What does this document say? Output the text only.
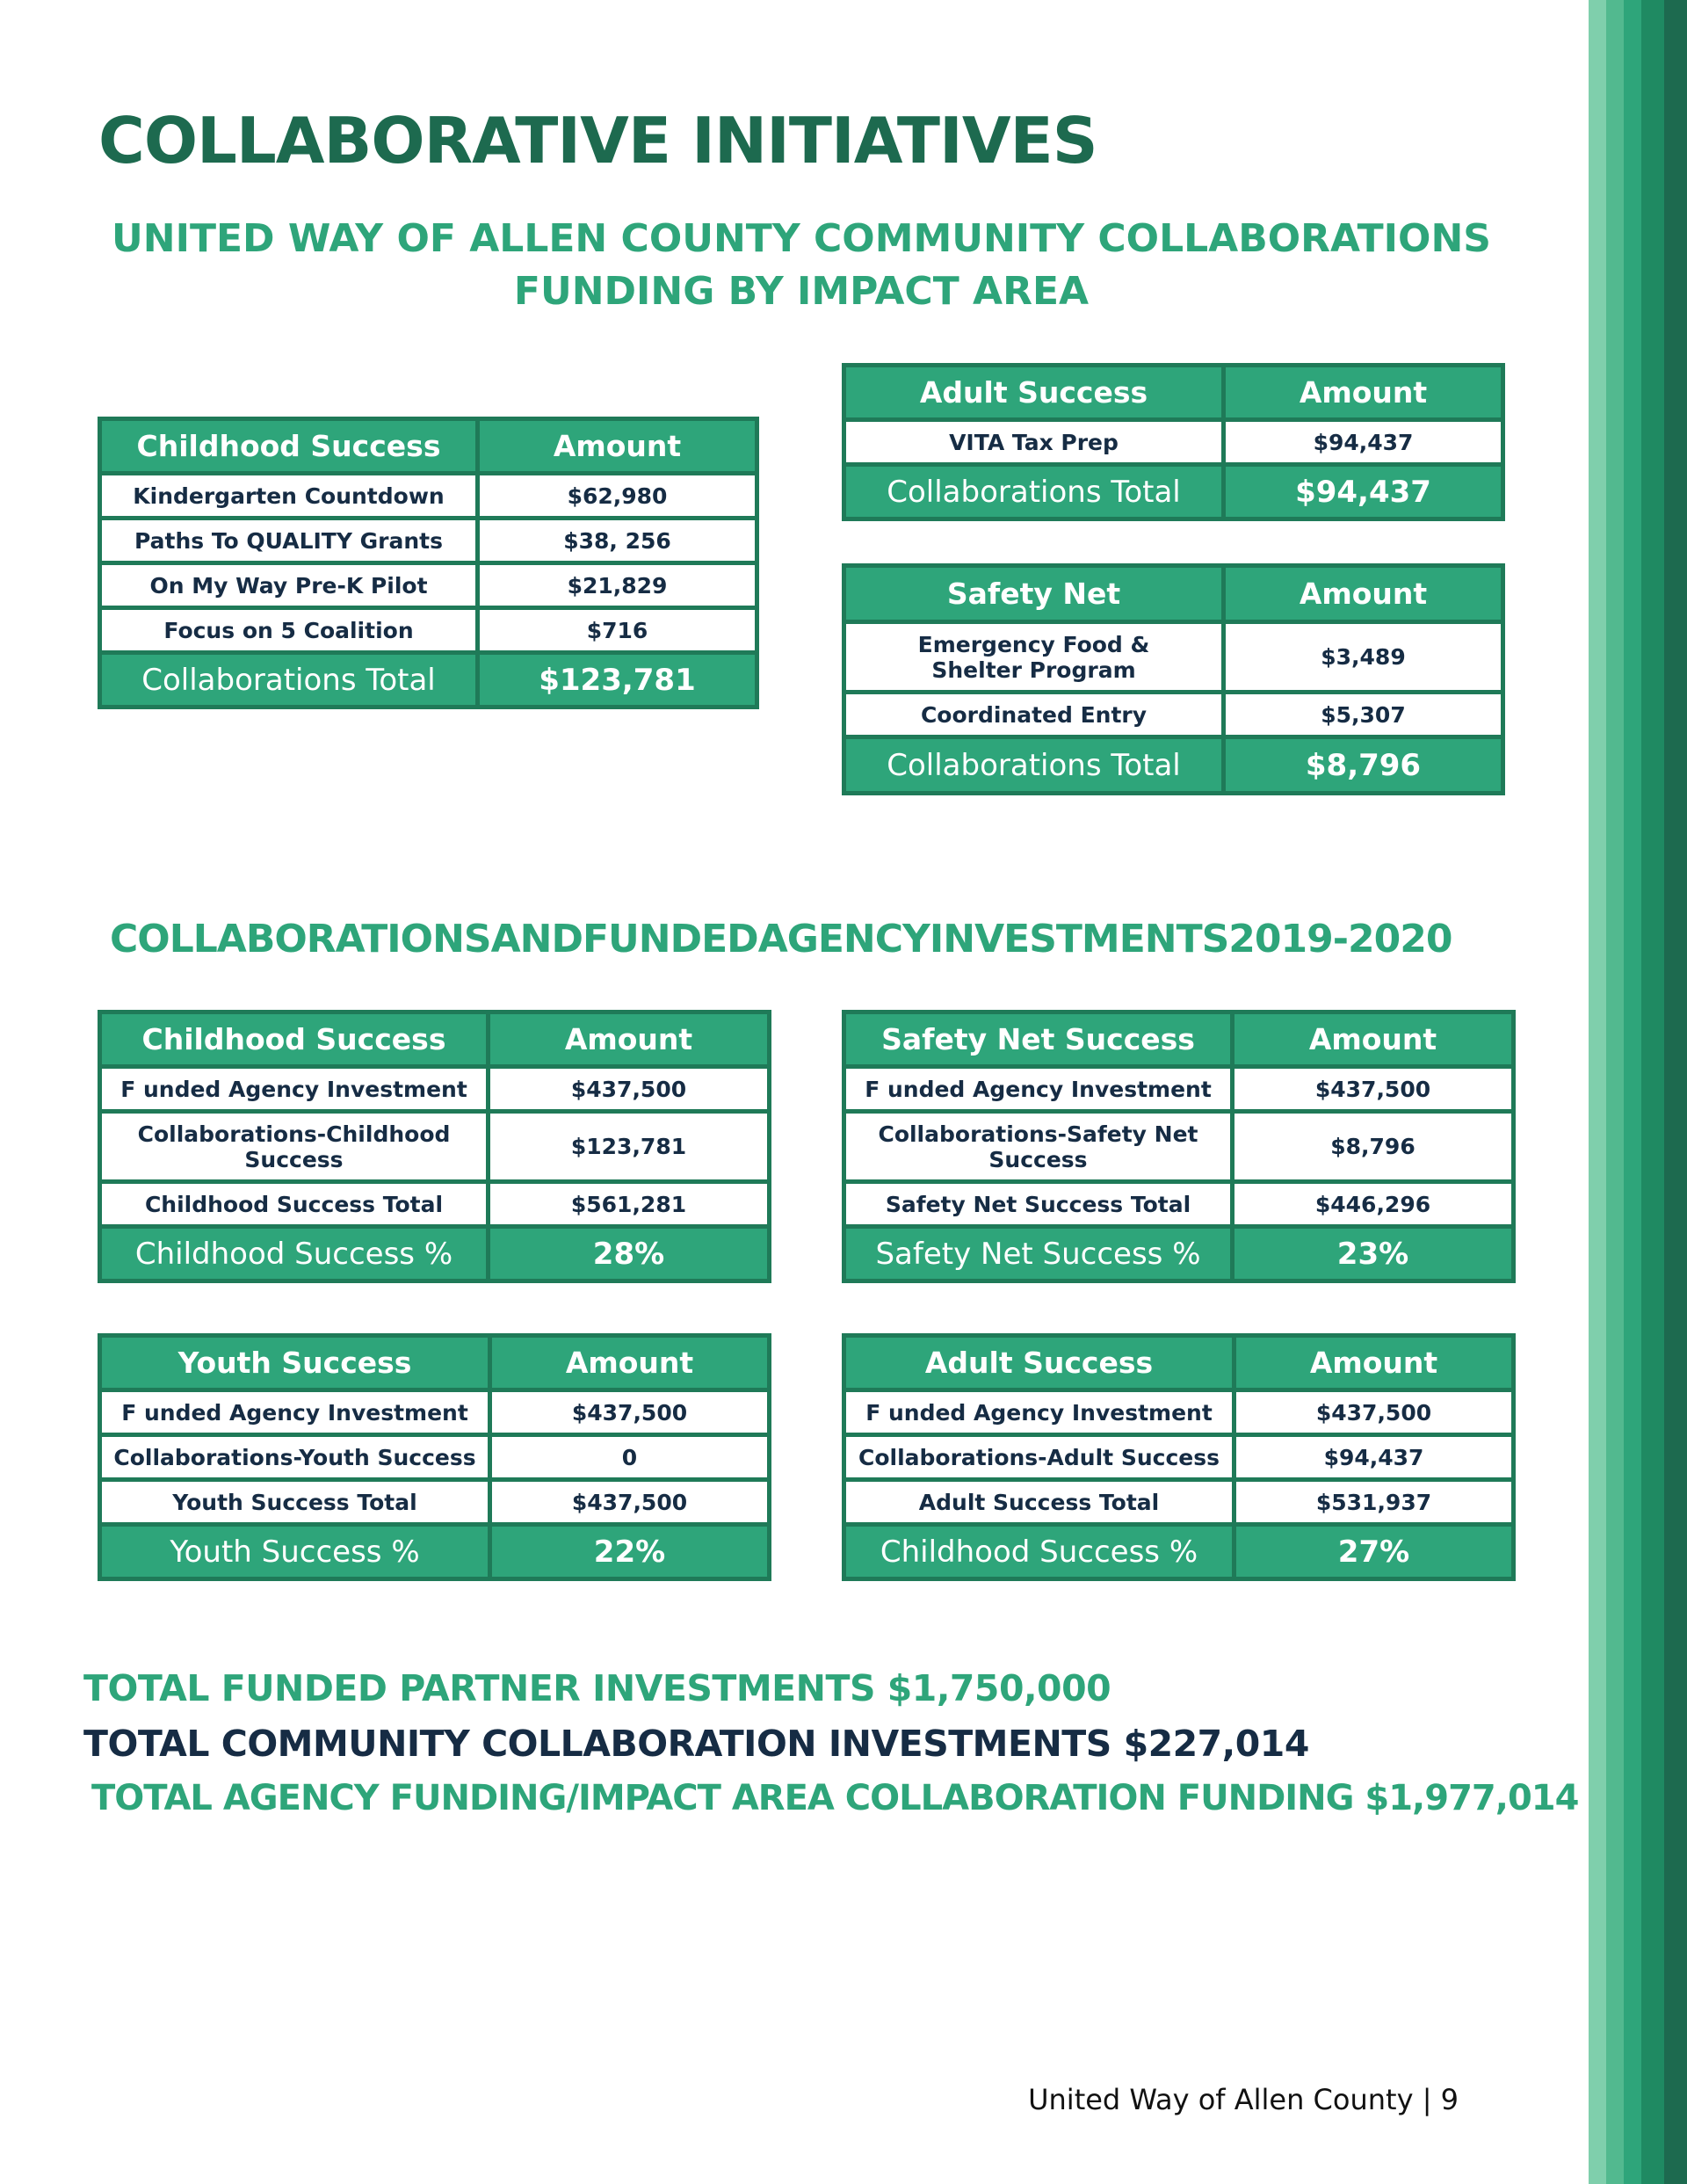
COLLABORATIVE INITIATIVES
UNITED WAY OF ALLEN COUNTY COMMUNITY COLLABORATIONS
FUNDING BY IMPACT AREA
Childhood Success	Amount
Kindergarten Countdown	$62,980
Paths To QUALITY Grants	$38, 256
On My Way Pre-K Pilot	$21,829
Focus on 5 Coalition	$716
Collaborations Total	$123,781
Adult Success	Amount
VITA Tax Prep	$94,437
Collaborations Total	$94,437
Safety Net	Amount
Emergency Food & Shelter Program	$3,489
Coordinated Entry	$5,307
Collaborations Total	$8,796
COLLABORATIONSANDFUNDEDAGENCYINVESTMENTS2019-2020
Childhood Success	Amount
F unded Agency Investment	$437,500
Collaborations-Childhood Success	$123,781
Childhood Success Total	$561,281
Childhood Success %	28%
Safety Net Success	Amount
F unded Agency Investment	$437,500
Collaborations-Safety Net Success	$8,796
Safety Net Success Total	$446,296
Safety Net Success %	23%
Youth Success	Amount
F unded Agency Investment	$437,500
Collaborations-Youth Success	0
Youth Success Total	$437,500
Youth Success %	22%
Adult Success	Amount
F unded Agency Investment	$437,500
Collaborations-Adult Success	$94,437
Adult Success Total	$531,937
Childhood Success %	27%
TOTAL FUNDED PARTNER INVESTMENTS $1,750,000
TOTAL COMMUNITY COLLABORATION INVESTMENTS $227,014
TOTAL AGENCY FUNDING/IMPACT AREA COLLABORATION FUNDING $1,977,014
United Way of Allen County | 9
